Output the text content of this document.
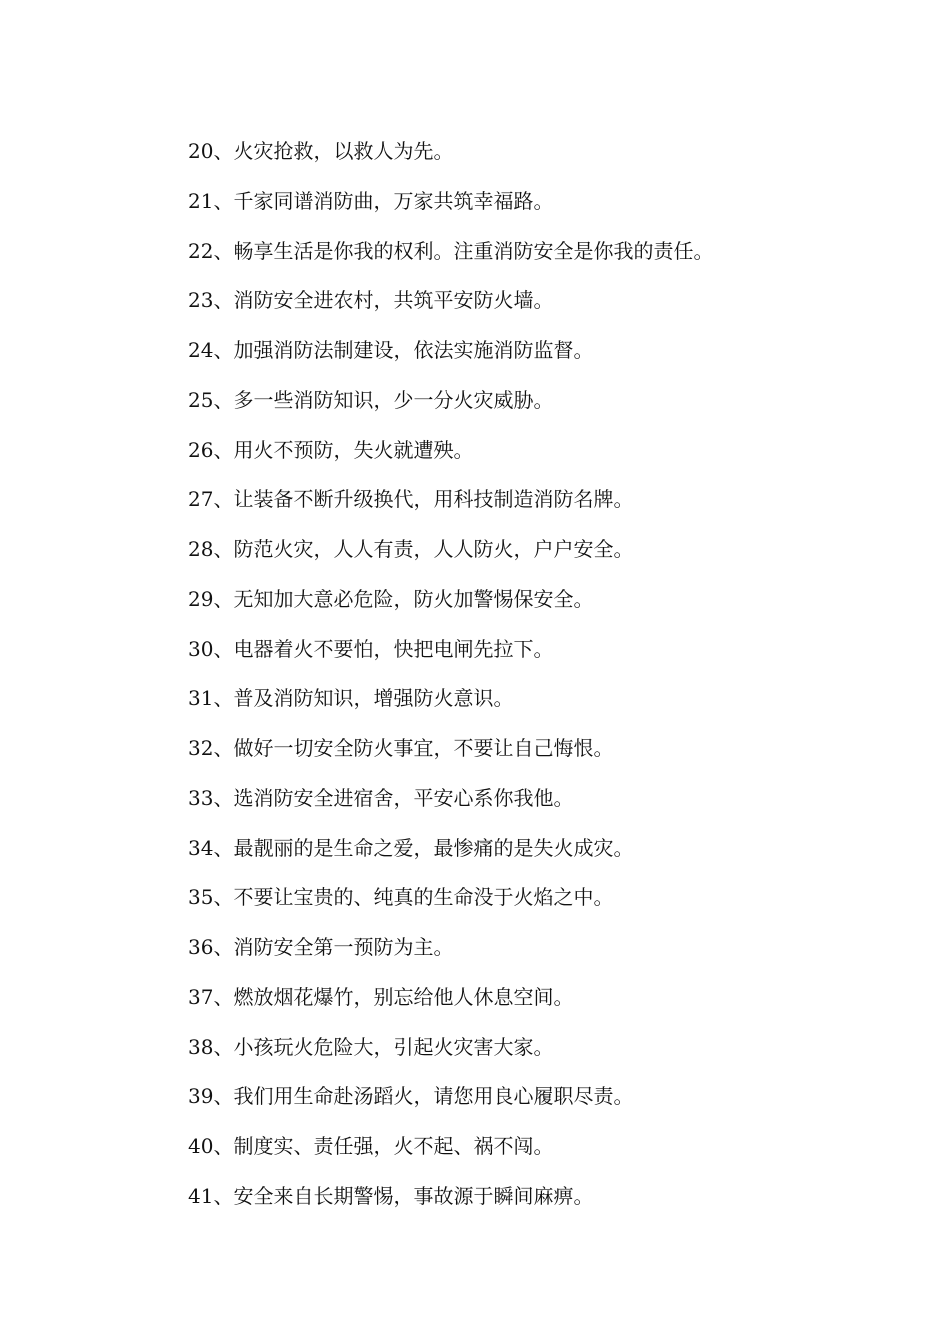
20、火灾抢救，以救人为先。
21、千家同谱消防曲，万家共筑幸福路。
22、畅享生活是你我的权利。注重消防安全是你我的责任。
23、消防安全进农村，共筑平安防火墙。
24、加强消防法制建设，依法实施消防监督。
25、多一些消防知识，少一分火灾威胁。
26、用火不预防，失火就遭殃。
27、让装备不断升级换代，用科技制造消防名牌。
28、防范火灾，人人有责，人人防火，户户安全。
29、无知加大意必危险，防火加警惕保安全。
30、电器着火不要怕，快把电闸先拉下。
31、普及消防知识，增强防火意识。
32、做好一切安全防火事宜，不要让自己悔恨。
33、选消防安全进宿舍，平安心系你我他。
34、最靓丽的是生命之爱，最惨痛的是失火成灾。
35、不要让宝贵的、纯真的生命没于火焰之中。
36、消防安全第一预防为主。
37、燃放烟花爆竹，别忘给他人休息空间。
38、小孩玩火危险大，引起火灾害大家。
39、我们用生命赴汤蹈火，请您用良心履职尽责。
40、制度实、责任强，火不起、祸不闯。
41、安全来自长期警惕，事故源于瞬间麻痹。
